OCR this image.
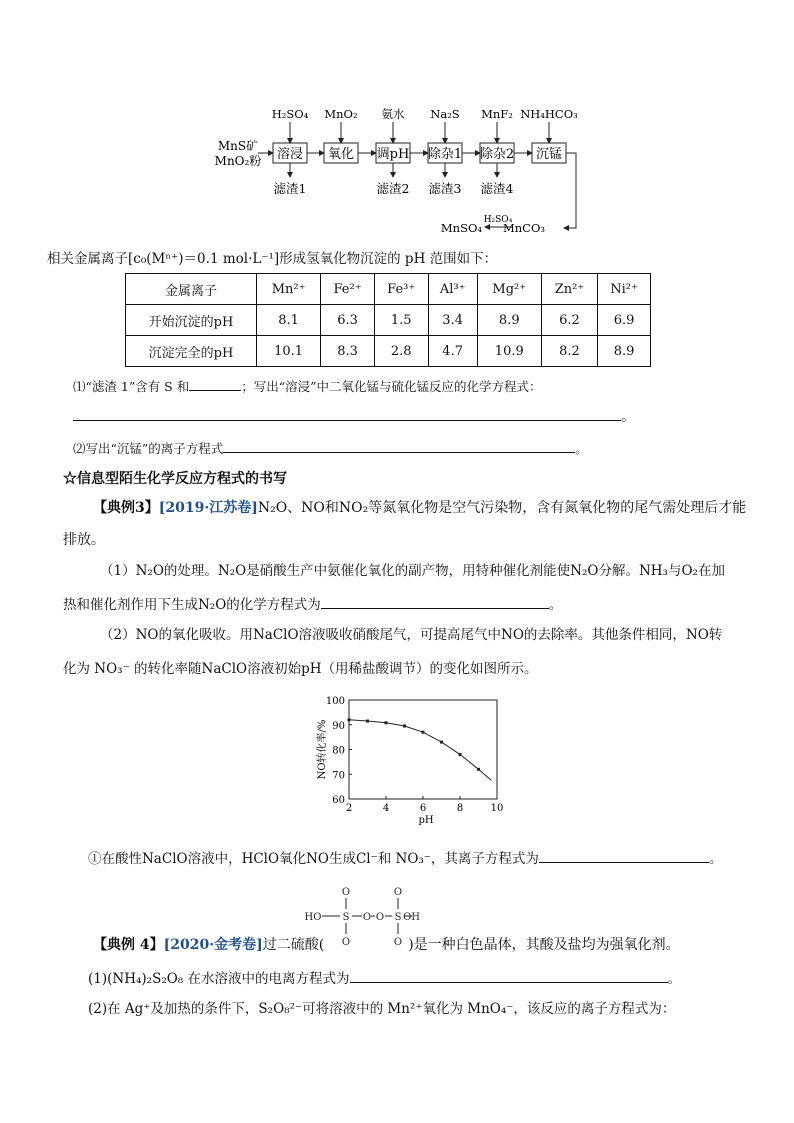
MnS矿
MnO₂粉 溶浸
H₂SO₄
滤渣1
氧化
MnO₂
调pH
氨水
滤渣2
除杂1
Na₂S
滤渣3
除杂2
MnF₂
滤渣4
沉锰
NH₄HCO₃
MnCO₃
H₂SO₄
MnSO₄
相关金属离子[c₀(Mⁿ⁺)＝0.1 mol·L⁻¹]形成氢氧化物沉淀的 pH 范围如下：
金属离子	Mn²⁺	Fe²⁺	Fe³⁺	Al³⁺	Mg²⁺	Zn²⁺	Ni²⁺
开始沉淀的pH	8.1	6.3	1.5	3.4	8.9	6.2	6.9
沉淀完全的pH	10.1	8.3	2.8	4.7	10.9	8.2	8.9
⑴“滤渣 1”含有 S 和	；写出“溶浸”中二氧化锰与硫化锰反应的化学方程式：
。
⑵写出“沉锰”的离子方程式	。
☆信息型陌生化学反应方程式的书写
【典例3】[2019·江苏卷]N₂O、NO和NO₂等氮氧化物是空气污染物，含有氮氧化物的尾气需处理后才能
排放。
（1）N₂O的处理。N₂O是硝酸生产中氨催化氧化的副产物，用特种催化剂能使N₂O分解。NH₃与O₂在加
热和催化剂作用下生成N₂O的化学方程式为	。
（2）NO的氧化吸收。用NaClO溶液吸收硝酸尾气，可提高尾气中NO的去除率。其他条件相同，NO转
化为 NO₃⁻ 的转化率随NaClO溶液初始pH（用稀盐酸调节）的变化如图所示。
2	4	6	8	10
60
70
80
90
100
pH
NO转化率/%
①在酸性NaClO溶液中，HClO氧化NO生成Cl⁻和 NO₃⁻，其离子方程式为	。
O	O
HO S O O S OH
O	O
【典例 4】[2020·金考卷]过二硫酸(	)是一种白色晶体，其酸及盐均为强氧化剂。
(1)(NH₄)₂S₂O₈ 在水溶液中的电离方程式为	。
(2)在 Ag⁺及加热的条件下，S₂O₈²⁻可将溶液中的 Mn²⁺氧化为 MnO₄⁻，该反应的离子方程式为：
